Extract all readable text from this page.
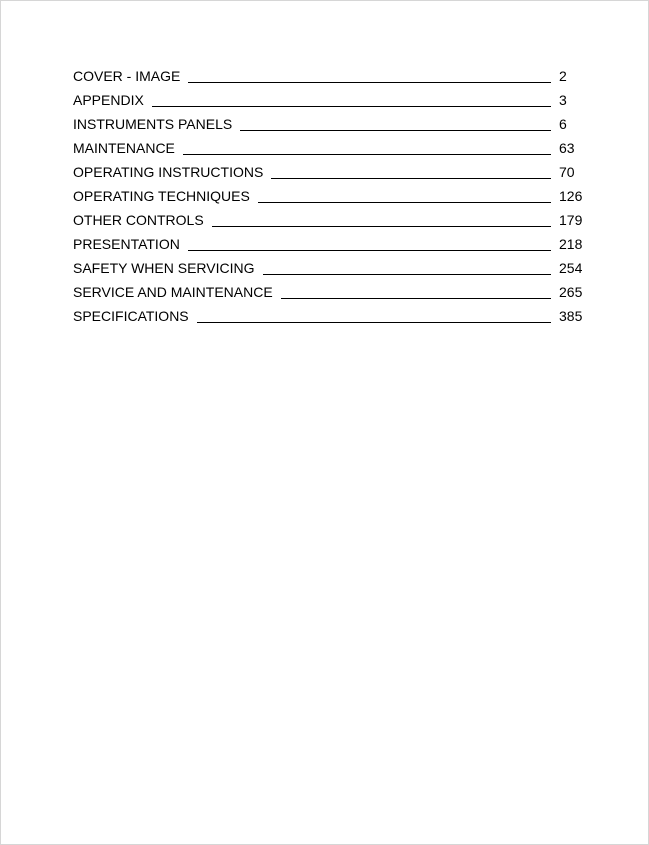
COVER - IMAGE	2
APPENDIX	3
INSTRUMENTS PANELS	6
MAINTENANCE	63
OPERATING INSTRUCTIONS	70
OPERATING TECHNIQUES	126
OTHER CONTROLS	179
PRESENTATION	218
SAFETY WHEN SERVICING	254
SERVICE AND MAINTENANCE	265
SPECIFICATIONS	385
